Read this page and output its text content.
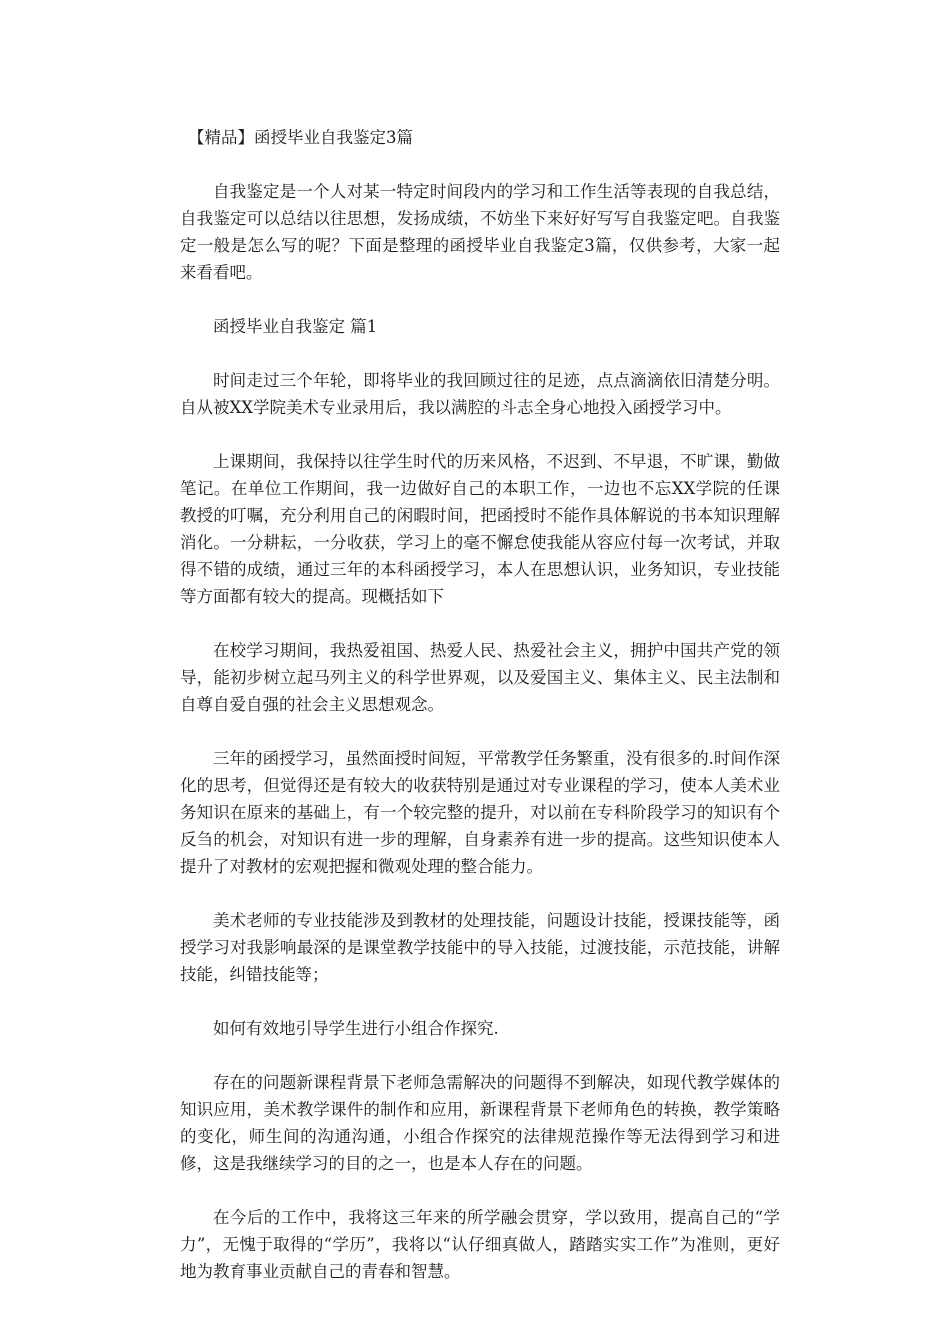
【精品】函授毕业自我鉴定3篇

自我鉴定是一个人对某一特定时间段内的学习和工作生活等表现的自我总结，自我鉴定可以总结以往思想，发扬成绩，不妨坐下来好好写写自我鉴定吧。自我鉴定一般是怎么写的呢？下面是整理的函授毕业自我鉴定3篇，仅供参考，大家一起来看看吧。

函授毕业自我鉴定 篇1

时间走过三个年轮，即将毕业的我回顾过往的足迹，点点滴滴依旧清楚分明。自从被XX学院美术专业录用后，我以满腔的斗志全身心地投入函授学习中。

上课期间，我保持以往学生时代的历来风格，不迟到、不早退，不旷课，勤做笔记。在单位工作期间，我一边做好自己的本职工作，一边也不忘XX学院的任课教授的叮嘱，充分利用自己的闲暇时间，把函授时不能作具体解说的书本知识理解消化。一分耕耘，一分收获，学习上的毫不懈怠使我能从容应付每一次考试，并取得不错的成绩，通过三年的本科函授学习，本人在思想认识，业务知识，专业技能等方面都有较大的提高。现概括如下

在校学习期间，我热爱祖国、热爱人民、热爱社会主义，拥护中国共产党的领导，能初步树立起马列主义的科学世界观，以及爱国主义、集体主义、民主法制和自尊自爱自强的社会主义思想观念。

三年的函授学习，虽然面授时间短，平常教学任务繁重，没有很多的.时间作深化的思考，但觉得还是有较大的收获特别是通过对专业课程的学习，使本人美术业务知识在原来的基础上，有一个较完整的提升，对以前在专科阶段学习的知识有个反刍的机会，对知识有进一步的理解，自身素养有进一步的提高。这些知识使本人提升了对教材的宏观把握和微观处理的整合能力。

美术老师的专业技能涉及到教材的处理技能，问题设计技能，授课技能等，函授学习对我影响最深的是课堂教学技能中的导入技能，过渡技能，示范技能，讲解技能，纠错技能等；

如何有效地引导学生进行小组合作探究.

存在的问题新课程背景下老师急需解决的问题得不到解决，如现代教学媒体的知识应用，美术教学课件的制作和应用，新课程背景下老师角色的转换，教学策略的变化，师生间的沟通沟通，小组合作探究的法律规范操作等无法得到学习和进修，这是我继续学习的目的之一，也是本人存在的问题。

在今后的工作中，我将这三年来的所学融会贯穿，学以致用，提高自己的“学力”，无愧于取得的“学历”，我将以“认仔细真做人，踏踏实实工作”为准则，更好地为教育事业贡献自己的青春和智慧。
